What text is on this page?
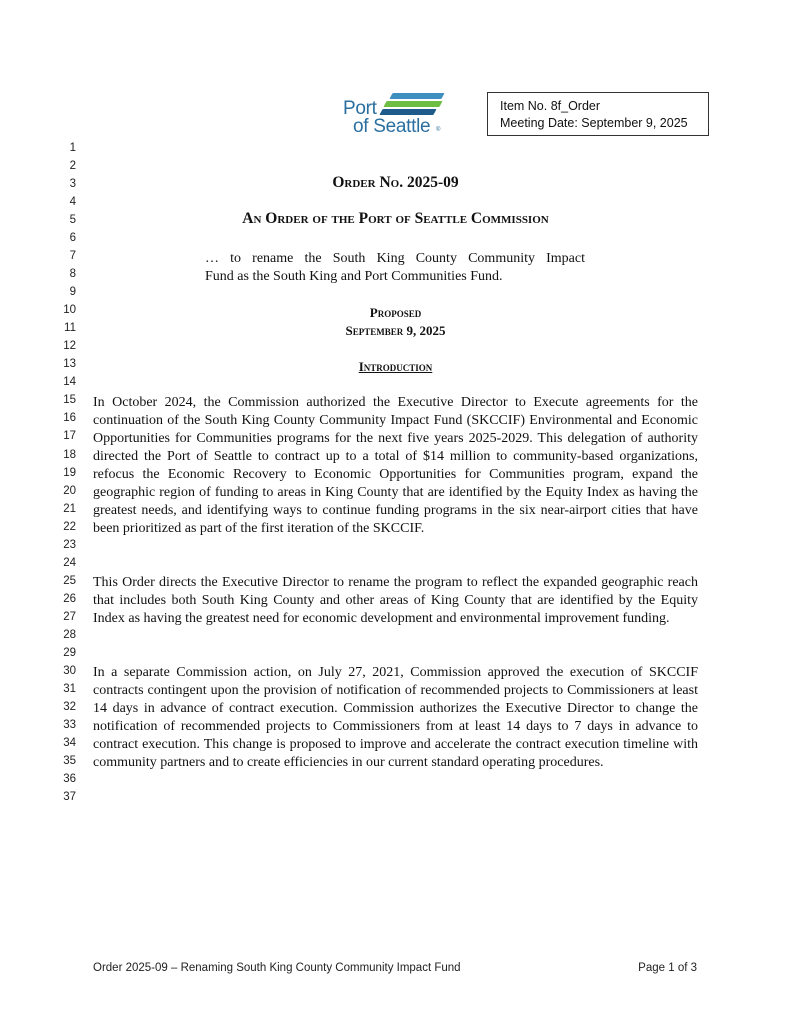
Port
of Seattle ®
Item No. 8f_Order
Meeting Date: September 9, 2025
1
2
3
4
5
6
7
8
9
10
11
12
13
14
15
16
17
18
19
20
21
22
23
24
25
26
27
28
29
30
31
32
33
34
35
36
37
Order No. 2025-09
An Order of the Port of Seattle Commission
… to rename the South King County Community Impact
Fund as the South King and Port Communities Fund.
Proposed
September 9, 2025
Introduction

In October 2024, the Commission authorized the Executive Director to Execute agreements for the continuation of the South King County Community Impact Fund (SKCCIF) Environmental and Economic Opportunities for Communities programs for the next five years 2025-2029. This delegation of authority directed the Port of Seattle to contract up to a total of $14 million to community-based organizations, refocus the Economic Recovery to Economic Opportunities for Communities program, expand the geographic region of funding to areas in King County that are identified by the Equity Index as having the greatest needs, and identifying ways to continue funding programs in the six near-airport cities that have been prioritized as part of the first iteration of the SKCCIF.

This Order directs the Executive Director to rename the program to reflect the expanded geographic reach that includes both South King County and other areas of King County that are identified by the Equity Index as having the greatest need for economic development and environmental improvement funding.

In a separate Commission action, on July 27, 2021, Commission approved the execution of SKCCIF contracts contingent upon the provision of notification of recommended projects to Commissioners at least 14 days in advance of contract execution. Commission authorizes the Executive Director to change the notification of recommended projects to Commissioners from at least 14 days to 7 days in advance to contract execution. This change is proposed to improve and accelerate the contract execution timeline with community partners and to create efficiencies in our current standard operating procedures.

Order 2025-09 – Renaming South King County Community Impact Fund	Page 1 of 3
